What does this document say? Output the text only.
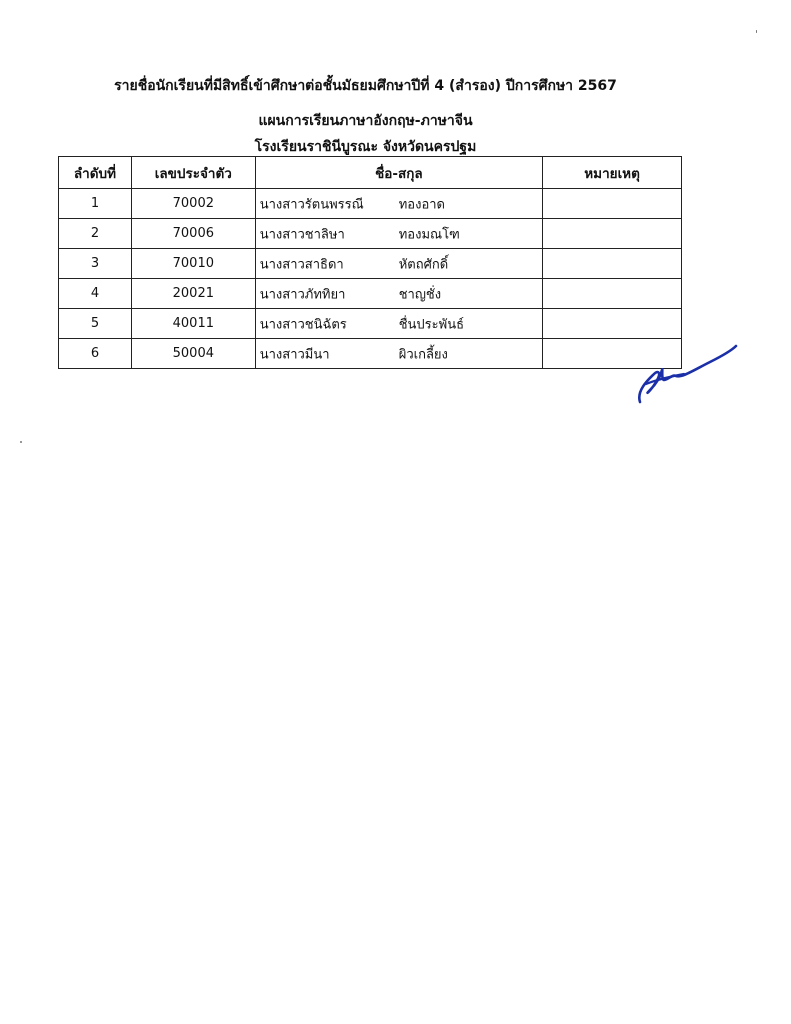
รายชื่อนักเรียนที่มีสิทธิ์เข้าศึกษาต่อชั้นมัธยมศึกษาปีที่ 4 (สำรอง) ปีการศึกษา 2567
แผนการเรียนภาษาอังกฤษ-ภาษาจีน
โรงเรียนราชินีบูรณะ จังหวัดนครปฐม
ลำดับที่	เลขประจำตัว	ชื่อ-สกุล	หมายเหตุ
1	70002	นางสาวรัตนพรรณี ทองอาด	

2	70006	นางสาวชาลิษา ทองมณโฑ	

3	70010	นางสาวสาธิดา หัตถศักดิ์	

4	20021	นางสาวภัททิยา ชาญชั่ง	

5	40011	นางสาวชนิฉัตร ชื่นประพันธ์	

6	50004	นางสาวมีนา ผิวเกลี้ยง	
